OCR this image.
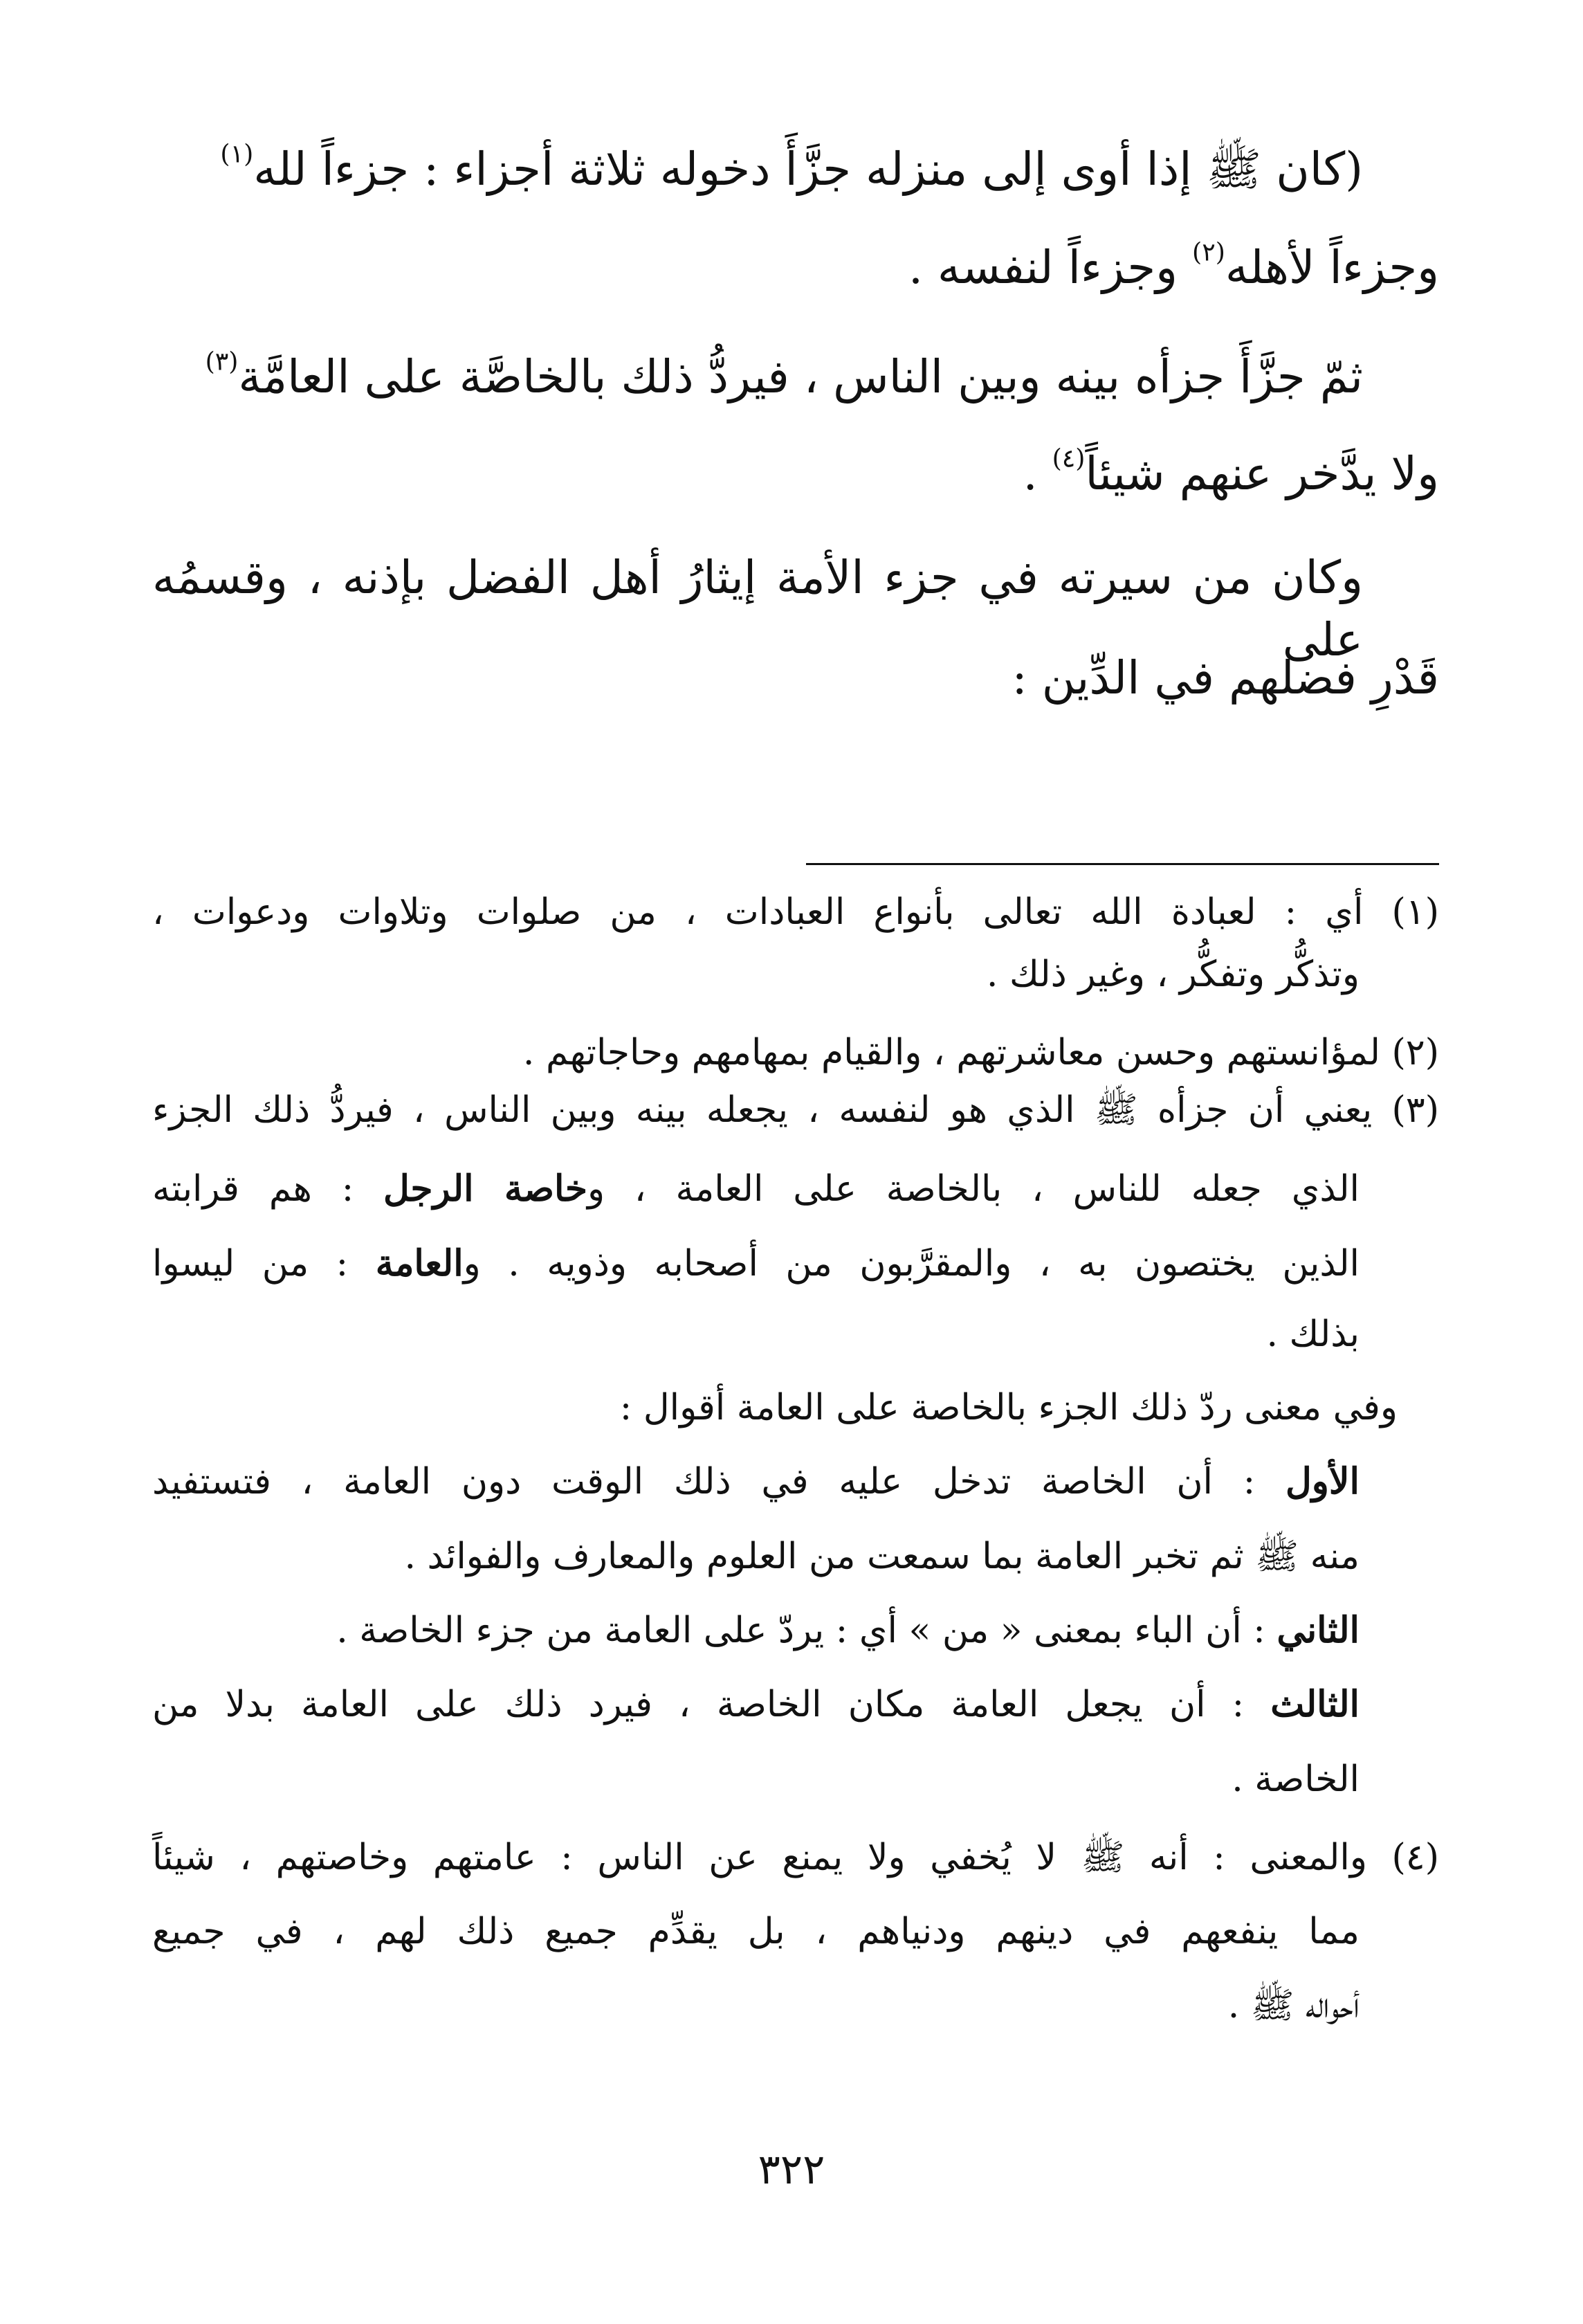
(كان ﷺ إذا أوى إلى منزله جزَّأَ دخوله ثلاثة أجزاء : جزءاً لله$^{(١)}$
وجزءاً لأهله$^{(٢)}$ وجزءاً لنفسه .
ثمّ جزَّأَ جزأه بينه وبين الناس ، فيردُّ ذلك بالخاصَّة على العامَّة$^{(٣)}$
ولا يدَّخر عنهم شيئاً$^{(٤)}$ .
وكان من سيرته في جزء الأمة إيثارُ أهل الفضل بإذنه ، وقسمُه على
قَدْرِ فضلهم في الدِّين :
(١) أي : لعبادة الله تعالى بأنواع العبادات ، من صلوات وتلاوات ودعوات ،
وتذكُّر وتفكُّر ، وغير ذلك .
(٢) لمؤانستهم وحسن معاشرتهم ، والقيام بمهامهم وحاجاتهم .
(٣) يعني أن جزأه ﷺ الذي هو لنفسه ، يجعله بينه وبين الناس ، فيردُّ ذلك الجزء
الذي جعله للناس ، بالخاصة على العامة ، وخاصة الرجل : هم قرابته
الذين يختصون به ، والمقرَّبون من أصحابه وذويه . والعامة : من ليسوا
بذلك .
وفي معنى ردّ ذلك الجزء بالخاصة على العامة أقوال :
الأول : أن الخاصة تدخل عليه في ذلك الوقت دون العامة ، فتستفيد
منه ﷺ ثم تخبر العامة بما سمعت من العلوم والمعارف والفوائد .
الثاني : أن الباء بمعنى « من » أي : يردّ على العامة من جزء الخاصة .
الثالث : أن يجعل العامة مكان الخاصة ، فيرد ذلك على العامة بدلا من
الخاصة .
(٤) والمعنى : أنه ﷺ لا يُخفي ولا يمنع عن الناس : عامتهم وخاصتهم ، شيئاً
مما ينفعهم في دينهم ودنياهم ، بل يقدِّم جميع ذلك لهم ، في جميع
أحواله ﷺ .
٣٢٢
